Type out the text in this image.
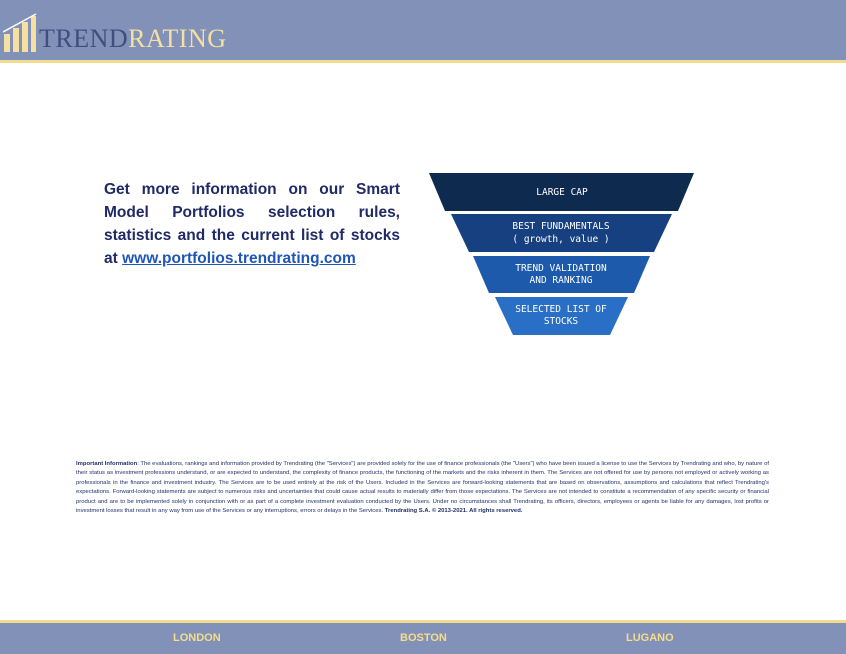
TRENDRATING
Get more information on our Smart Model Portfolios selection rules, statistics and the current list of stocks at www.portfolios.trendrating.com
LARGE CAP
BEST FUNDAMENTALS
( growth, value )
TREND VALIDATION
AND RANKING
SELECTED LIST OF
STOCKS
Important Information: The evaluations, rankings and information provided by Trendrating (the "Services") are provided solely for the use of finance professionals (the "Users") who have been issued a license to use the Services by Trendrating and who, by nature of their status as investment professions understand, or are expected to understand, the complexity of finance products, the functioning of the markets and the risks inherent in them. The Services are not offered for use by persons not employed or actively working as professionals in the finance and investment industry. The Services are to be used entirely at the risk of the Users. Included in the Services are forward-looking statements that are based on observations, assumptions and calculations that reflect Trendrating's expectations. Forward-looking statements are subject to numerous risks and uncertainties that could cause actual results to materially differ from those expectations. The Services are not intended to constitute a recommendation of any specific security or financial product and are to be implemented solely in conjunction with or as part of a complete investment evaluation conducted by the Users. Under no circumstances shall Trendrating, its officers, directors, employees or agents be liable for any damages, lost profits or investment losses that result in any way from use of the Services or any interruptions, errors or delays in the Services. Trendrating S.A. © 2013-2021. All rights reserved.
LONDON	BOSTON	LUGANO
